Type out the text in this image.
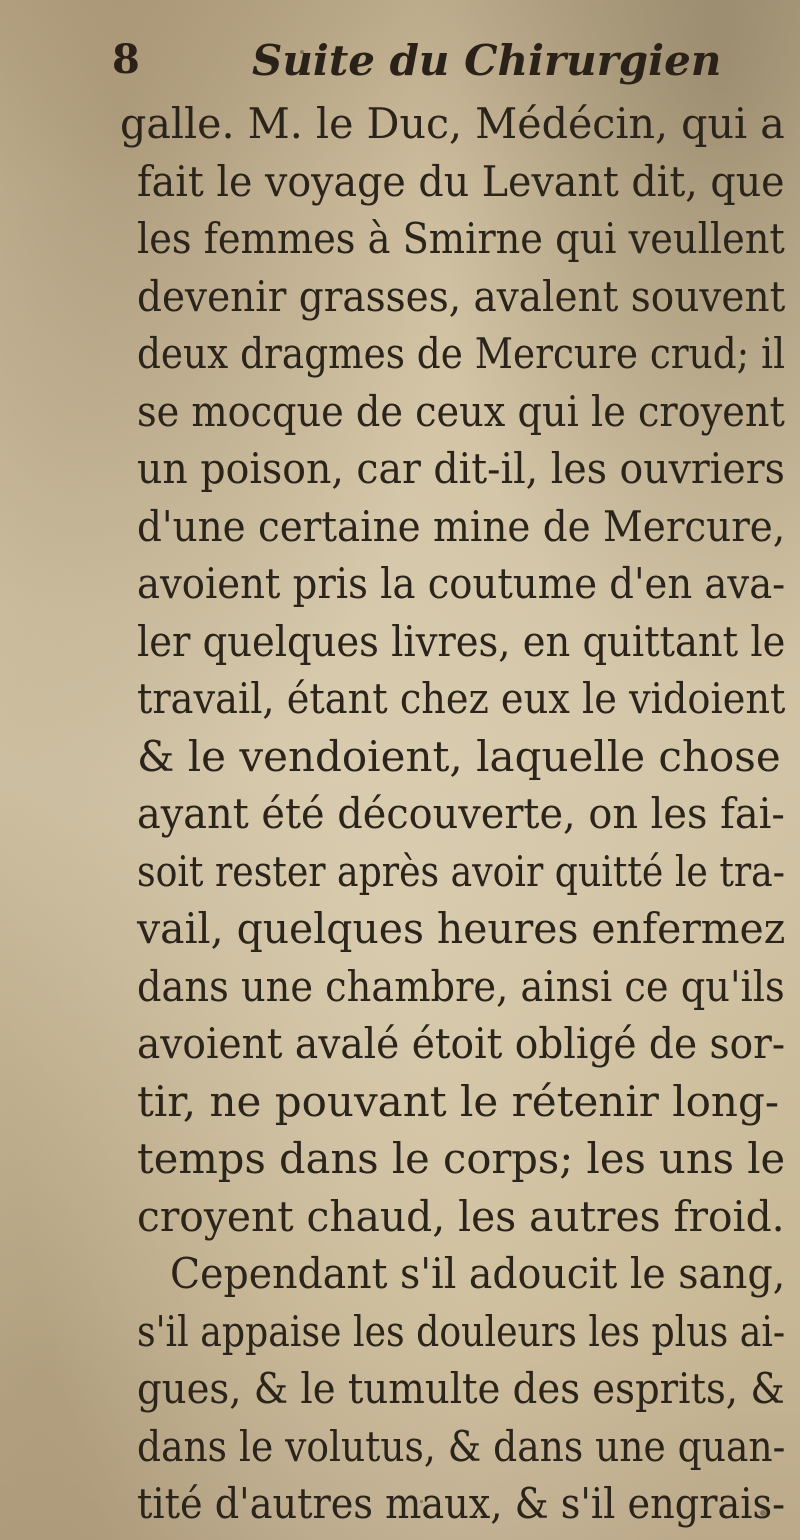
8	Suite du Chirurgien
galle. M. le Duc, Médécin, qui a
fait le voyage du Levant dit, que
les femmes à Smirne qui veullent
devenir grasses, avalent souvent
deux dragmes de Mercure crud; il
se mocque de ceux qui le croyent
un poison, car dit-il, les ouvriers
d'une certaine mine de Mercure,
avoient pris la coutume d'en ava-
ler quelques livres, en quittant le
travail, étant chez eux le vidoient
& le vendoient, laquelle chose
ayant été découverte, on les fai-
soit rester après avoir quitté le tra-
vail, quelques heures enfermez
dans une chambre, ainsi ce qu'ils
avoient avalé étoit obligé de sor-
tir, ne pouvant le rétenir long-
temps dans le corps; les uns le
croyent chaud, les autres froid.
Cependant s'il adoucit le sang,
s'il appaise les douleurs les plus ai-
gues, & le tumulte des esprits, &
dans le volutus, & dans une quan-
tité d'autres maux, & s'il engrais-
